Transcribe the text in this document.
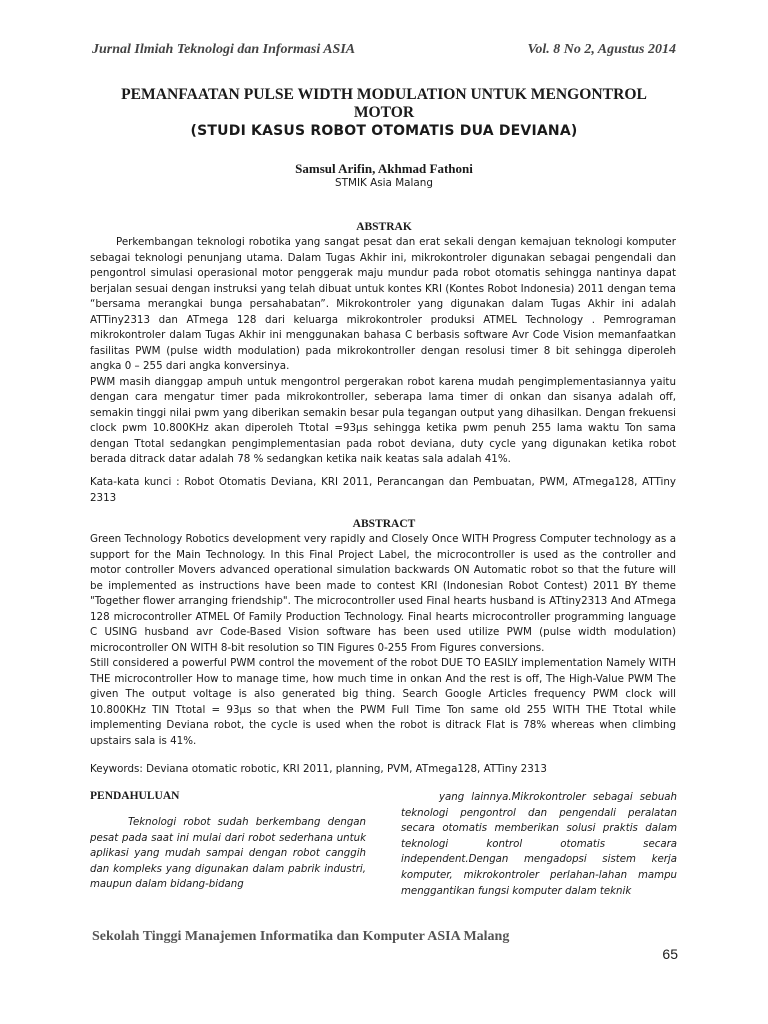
Jurnal Ilmiah Teknologi dan Informasi ASIA	Vol. 8 No 2, Agustus 2014
PEMANFAATAN PULSE WIDTH MODULATION UNTUK MENGONTROL
MOTOR
(STUDI KASUS ROBOT OTOMATIS DUA DEVIANA)
Samsul Arifin, Akhmad Fathoni
STMIK Asia Malang
ABSTRAK

Perkembangan teknologi robotika yang sangat pesat dan erat sekali dengan kemajuan teknologi komputer sebagai teknologi penunjang utama. Dalam Tugas Akhir ini, mikrokontroler digunakan sebagai pengendali dan pengontrol simulasi operasional motor penggerak maju mundur pada robot otomatis sehingga nantinya dapat berjalan sesuai dengan instruksi yang telah dibuat untuk kontes KRI (Kontes Robot Indonesia) 2011 dengan tema “bersama merangkai bunga persahabatan”. Mikrokontroler yang digunakan dalam Tugas Akhir ini adalah ATTiny2313 dan ATmega 128 dari keluarga mikrokontroler produksi ATMEL Technology . Pemrograman mikrokontroler dalam Tugas Akhir ini menggunakan bahasa C berbasis software Avr Code Vision memanfaatkan fasilitas PWM (pulse width modulation) pada mikrokontroller dengan resolusi timer 8 bit sehingga diperoleh angka 0 – 255 dari angka konversinya.

PWM masih dianggap ampuh untuk mengontrol pergerakan robot karena mudah pengimplementasiannya yaitu dengan cara mengatur timer pada mikrokontroller, seberapa lama timer di onkan dan sisanya adalah off, semakin tinggi nilai pwm yang diberikan semakin besar pula tegangan output yang dihasilkan. Dengan frekuensi clock pwm 10.800KHz akan diperoleh Ttotal =93µs sehingga ketika pwm penuh 255 lama waktu Ton sama dengan Ttotal sedangkan pengimplementasian pada robot deviana, duty cycle yang digunakan ketika robot berada ditrack datar adalah 78 % sedangkan ketika naik keatas sala adalah 41%.

Kata-kata kunci : Robot Otomatis Deviana, KRI 2011, Perancangan dan Pembuatan, PWM, ATmega128, ATTiny 2313
ABSTRACT

Green Technology Robotics development very rapidly and Closely Once WITH Progress Computer technology as a support for the Main Technology. In this Final Project Label, the microcontroller is used as the controller and motor controller Movers advanced operational simulation backwards ON Automatic robot so that the future will be implemented as instructions have been made to contest KRI (Indonesian Robot Contest) 2011 BY theme "Together flower arranging friendship". The microcontroller used Final hearts husband is ATtiny2313 And ATmega 128 microcontroller ATMEL Of Family Production Technology. Final hearts microcontroller programming language C USING husband avr Code-Based Vision software has been used utilize PWM (pulse width modulation) microcontroller ON WITH 8-bit resolution so TIN Figures 0-255 From Figures conversions.

Still considered a powerful PWM control the movement of the robot DUE TO EASILY implementation Namely WITH THE microcontroller How to manage time, how much time in onkan And the rest is off, The High-Value PWM The given The output voltage is also generated big thing. Search Google Articles frequency PWM clock will 10.800KHz TIN Ttotal = 93µs so that when the PWM Full Time Ton same old 255 WITH THE Ttotal while implementing Deviana robot, the cycle is used when the robot is ditrack Flat is 78% whereas when climbing upstairs sala is 41%.

Keywords: Deviana otomatic robotic, KRI 2011, planning, PVM, ATmega128, ATTiny 2313
PENDAHULUAN

Teknologi robot sudah berkembang dengan pesat pada saat ini mulai dari robot sederhana untuk aplikasi yang mudah sampai dengan robot canggih dan kompleks yang digunakan dalam pabrik industri, maupun dalam bidang-bidang

yang lainnya.Mikrokontroler sebagai sebuah teknologi pengontrol dan pengendali peralatan secara otomatis memberikan solusi praktis dalam teknologi kontrol otomatis secara independent.Dengan mengadopsi sistem kerja komputer, mikrokontroler perlahan-lahan mampu menggantikan fungsi komputer dalam teknik

Sekolah Tinggi Manajemen Informatika dan Komputer ASIA Malang
65
